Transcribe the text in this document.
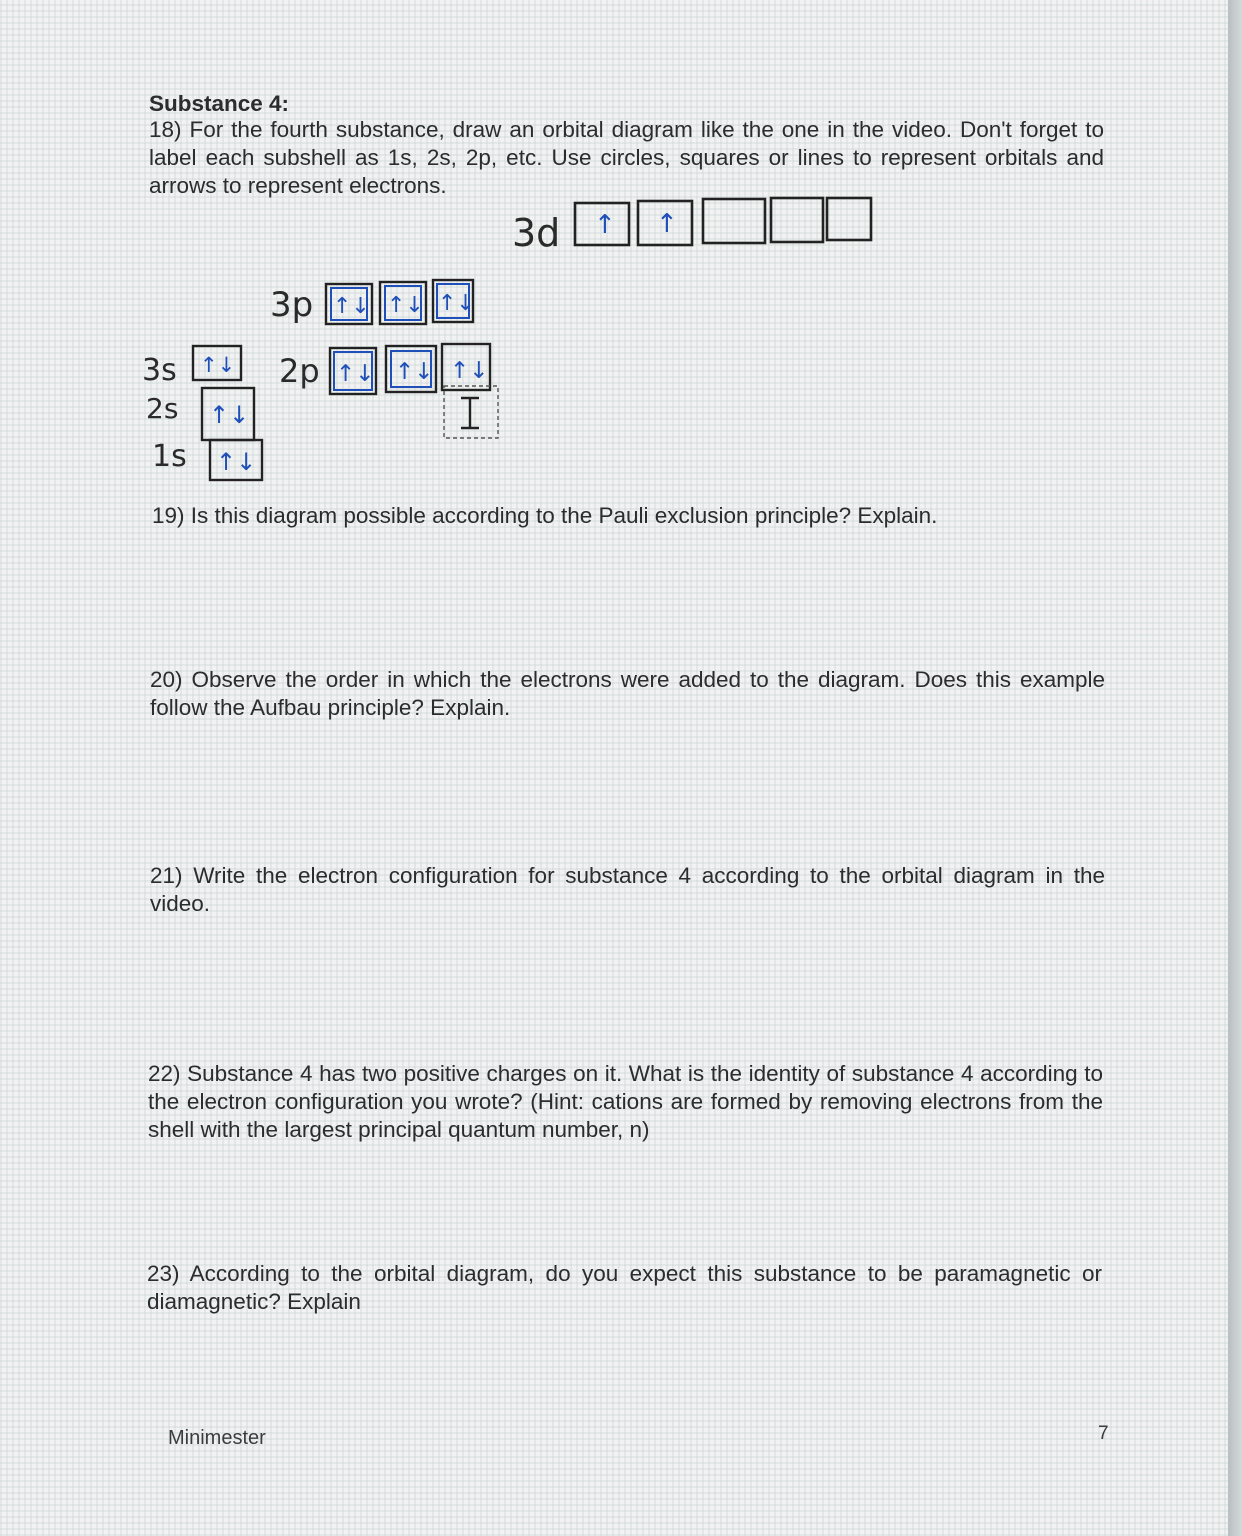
Substance 4:
18) For the fourth substance, draw an orbital diagram like the one in the video. Don't forget to label each subshell as 1s, 2s, 2p, etc. Use circles, squares or lines to represent orbitals and arrows to represent electrons.
3d
3p
3s	2p
2s
1s
↑ ↑
↑↓ ↑↓ ↑↓
↑↓	↑↓ ↑↓ ↑↓
↑↓
↑↓
19) Is this diagram possible according to the Pauli exclusion principle? Explain.
20) Observe the order in which the electrons were added to the diagram. Does this example follow the Aufbau principle? Explain.
21) Write the electron configuration for substance 4 according to the orbital diagram in the video.
22) Substance 4 has two positive charges on it. What is the identity of substance 4 according to the electron configuration you wrote? (Hint: cations are formed by removing electrons from the shell with the largest principal quantum number, n)
23) According to the orbital diagram, do you expect this substance to be paramagnetic or diamagnetic? Explain
Minimester	7
